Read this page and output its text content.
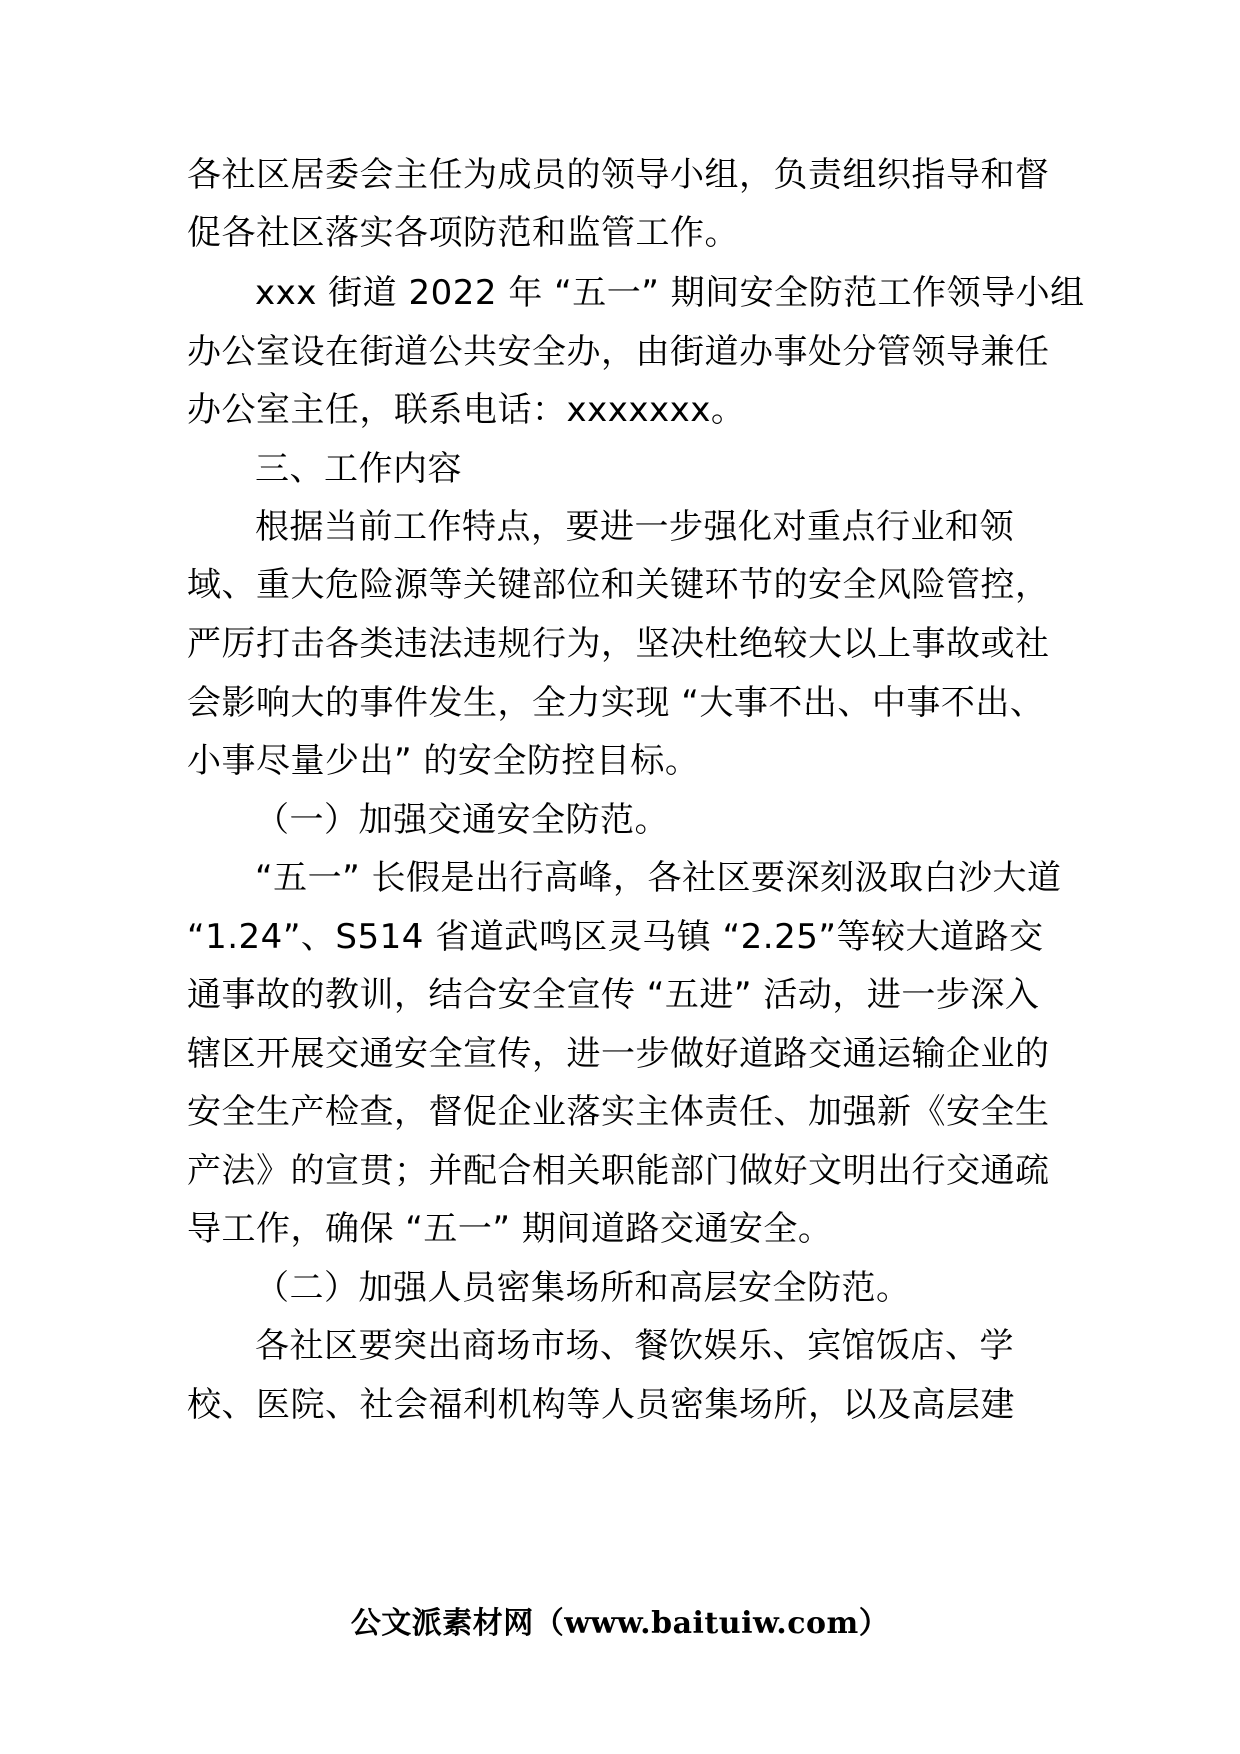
各社区居委会主任为成员的领导小组，负责组织指导和督
促各社区落实各项防范和监管工作。
xxx 街道 2022 年 “五一” 期间安全防范工作领导小组
办公室设在街道公共安全办，由街道办事处分管领导兼任
办公室主任，联系电话：xxxxxxx。
三、工作内容
根据当前工作特点，要进一步强化对重点行业和领
域、重大危险源等关键部位和关键环节的安全风险管控，
严厉打击各类违法违规行为，坚决杜绝较大以上事故或社
会影响大的事件发生，全力实现 “大事不出、中事不出、
小事尽量少出” 的安全防控目标。
（一）加强交通安全防范。
“五一” 长假是出行高峰，各社区要深刻汲取白沙大道
“1.24”、S514 省道武鸣区灵马镇 “2.25”等较大道路交
通事故的教训，结合安全宣传 “五进” 活动，进一步深入
辖区开展交通安全宣传，进一步做好道路交通运输企业的
安全生产检查，督促企业落实主体责任、加强新《安全生
产法》的宣贯；并配合相关职能部门做好文明出行交通疏
导工作，确保 “五一” 期间道路交通安全。
（二）加强人员密集场所和高层安全防范。
各社区要突出商场市场、餐饮娱乐、宾馆饭店、学
校、医院、社会福利机构等人员密集场所，以及高层建
公文派素材网（www.baituiw.com）
